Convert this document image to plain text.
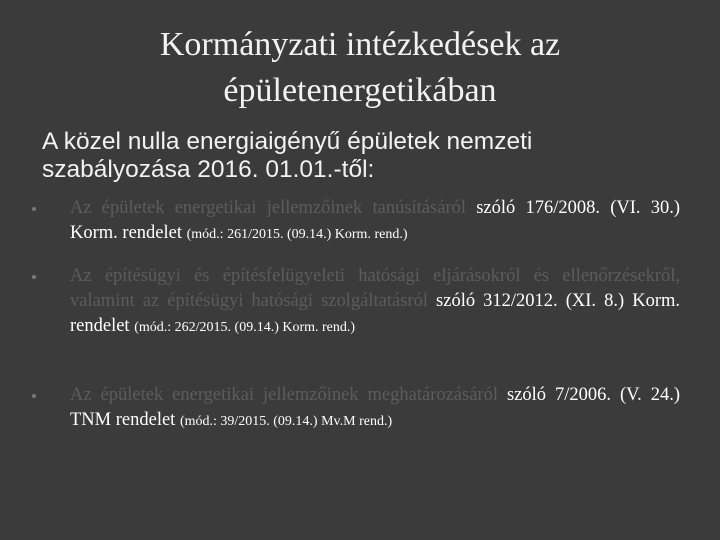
Kormányzati intézkedések az
épületenergetikában
A közel nulla energiaigényű épületek nemzeti
szabályozása 2016. 01.01.-től:
Az épületek energetikai jellemzőinek tanúsításáról szóló 176/2008. (VI. 30.) Korm. rendelet (mód.: 261/2015. (09.14.) Korm. rend.)
Az építésügyi és építésfelügyeleti hatósági eljárásokról és ellenőrzésekről, valamint az építésügyi hatósági szolgáltatásról szóló 312/2012. (XI. 8.) Korm. rendelet (mód.: 262/2015. (09.14.) Korm. rend.)
Az épületek energetikai jellemzőinek meghatározásáról szóló 7/2006. (V. 24.) TNM rendelet (mód.: 39/2015. (09.14.) Mv.M rend.)
